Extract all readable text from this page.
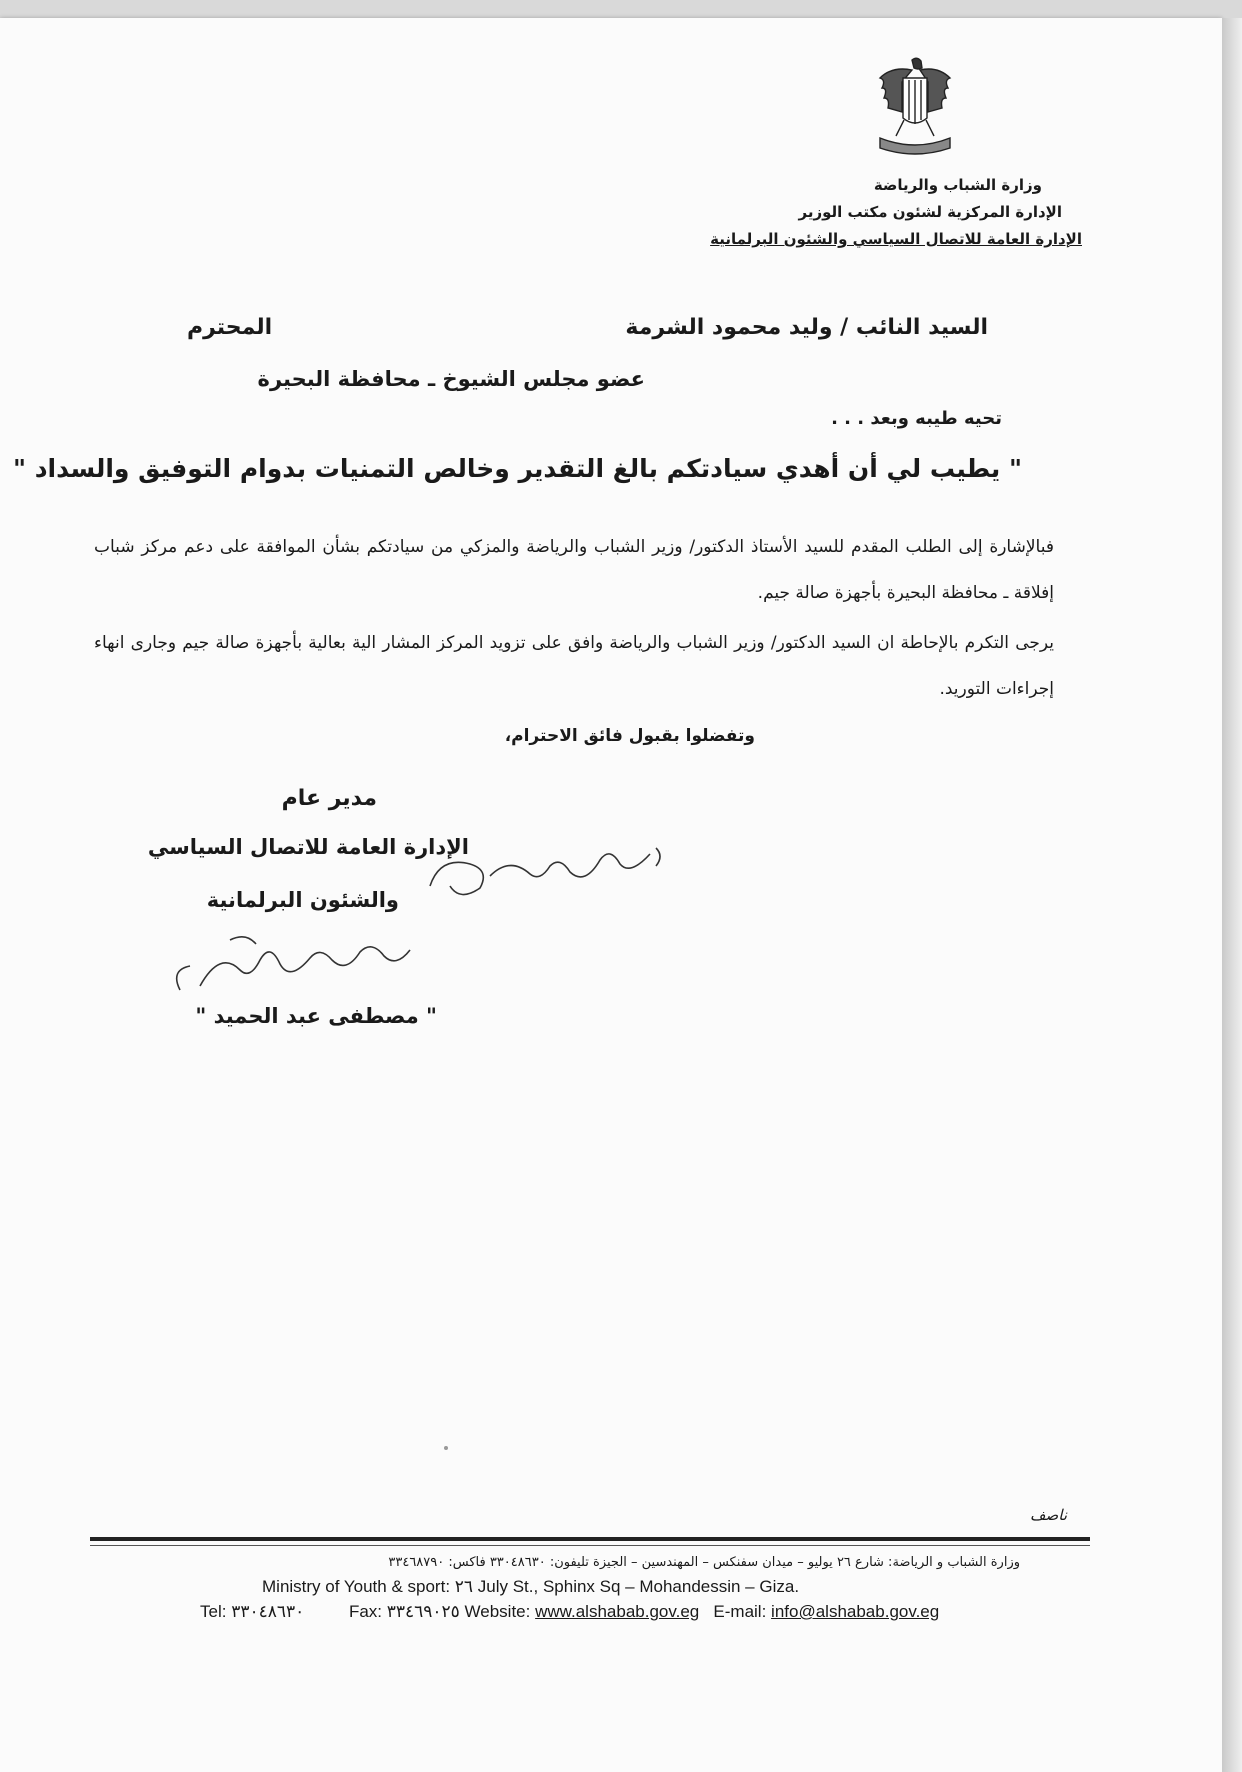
وزارة الشباب والرياضة
الإدارة المركزية لشئون مكتب الوزير
الإدارة العامة للاتصال السياسي والشئون البرلمانية
السيد النائب / وليد محمود الشرمة
المحترم
عضو مجلس الشيوخ ـ محافظة البحيرة
تحيه طيبه وبعد . . .
" يطيب لي أن أهدي سيادتكم بالغ التقدير وخالص التمنيات بدوام التوفيق والسداد "
فبالإشارة إلى الطلب المقدم للسيد الأستاذ الدكتور/ وزير الشباب والرياضة والمزكي من سيادتكم بشأن الموافقة على دعم مركز شباب إفلاقة ـ محافظة البحيرة بأجهزة صالة جيم.
يرجى التكرم بالإحاطة ان السيد الدكتور/ وزير الشباب والرياضة وافق على تزويد المركز المشار الية بعالية بأجهزة صالة جيم وجارى انهاء إجراءات التوريد.
وتفضلوا بقبول فائق الاحترام،
مدير عام
الإدارة العامة للاتصال السياسي
والشئون البرلمانية
" مصطفى عبد الحميد "
ناصف
وزارة الشباب و الرياضة: شارع ٢٦ يوليو – ميدان سفنكس – المهندسين – الجيزة تليفون: ٣٣٠٤٨٦٣٠ فاكس: ٣٣٤٦٨٧٩٠
Ministry of Youth & sport: ٢٦ July St., Sphinx Sq – Mohandessin – Giza.
Tel: ٣٣٠٤٨٦٣٠	Fax: ٣٣٤٦٩٠٢٥ Website: www.alshabab.gov.eg E-mail: info@alshabab.gov.eg
